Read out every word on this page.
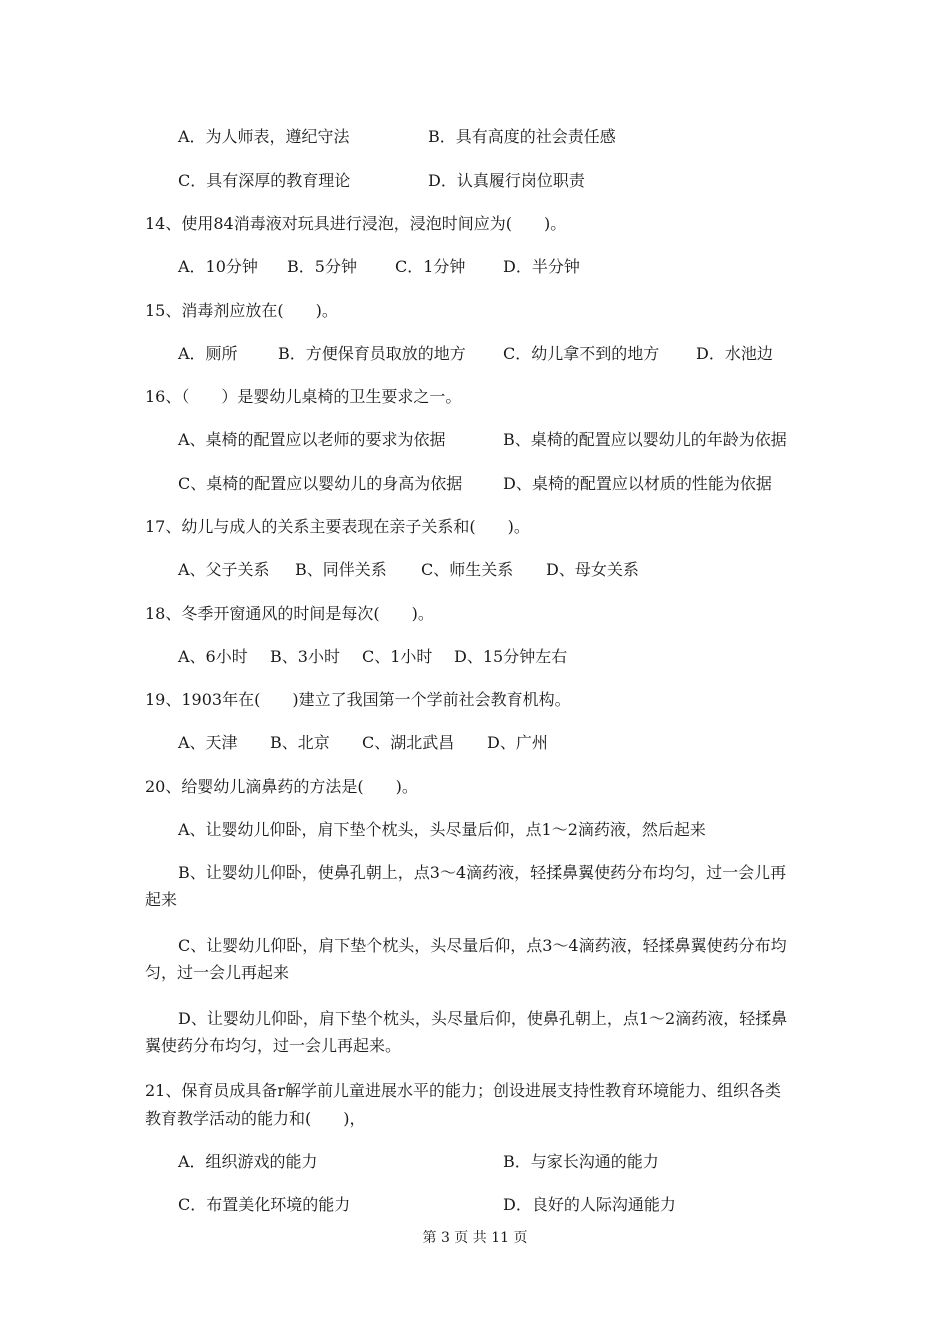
A．为人师表，遵纪守法	B．具有高度的社会责任感
C．具有深厚的教育理论	D．认真履行岗位职责
14、使用84消毒液对玩具进行浸泡，浸泡时间应为(　　)。
A．10分钟 B．5分钟 C．1分钟 D．半分钟
15、消毒剂应放在(　　)。
A．厕所	B．方便保育员取放的地方 C．幼儿拿不到的地方 D．水池边
16、（　　）是婴幼儿桌椅的卫生要求之一。
A、桌椅的配置应以老师的要求为依据	B、桌椅的配置应以婴幼儿的年龄为依据
C、桌椅的配置应以婴幼儿的身高为依据	D、桌椅的配置应以材质的性能为依据
17、幼儿与成人的关系主要表现在亲子关系和(　　)。
A、父子关系 B、同伴关系 C、师生关系 D、母女关系
18、冬季开窗通风的时间是每次(　　)。
A、6小时 B、3小时 C、1小时 D、15分钟左右
19、1903年在(　　)建立了我国第一个学前社会教育机构。
A、天津 B、北京 C、湖北武昌 D、广州
20、给婴幼儿滴鼻药的方法是(　　)。
A、让婴幼儿仰卧，肩下垫个枕头，头尽量后仰，点1～2滴药液，然后起来
B、让婴幼儿仰卧，使鼻孔朝上，点3～4滴药液，轻揉鼻翼使药分布均匀，过一会儿再
起来
C、让婴幼儿仰卧，肩下垫个枕头，头尽量后仰，点3～4滴药液，轻揉鼻翼使药分布均
匀，过一会儿再起来
D、让婴幼儿仰卧，肩下垫个枕头，头尽量后仰，使鼻孔朝上，点1～2滴药液，轻揉鼻
翼使药分布均匀，过一会儿再起来。
21、保育员成具备r解学前儿童进展水平的能力；创设进展支持性教育环境能力、组织各类
教育教学活动的能力和(　　)，
A．组织游戏的能力	B．与家长沟通的能力
C．布置美化环境的能力	D．良好的人际沟通能力
第 3 页 共 11 页
